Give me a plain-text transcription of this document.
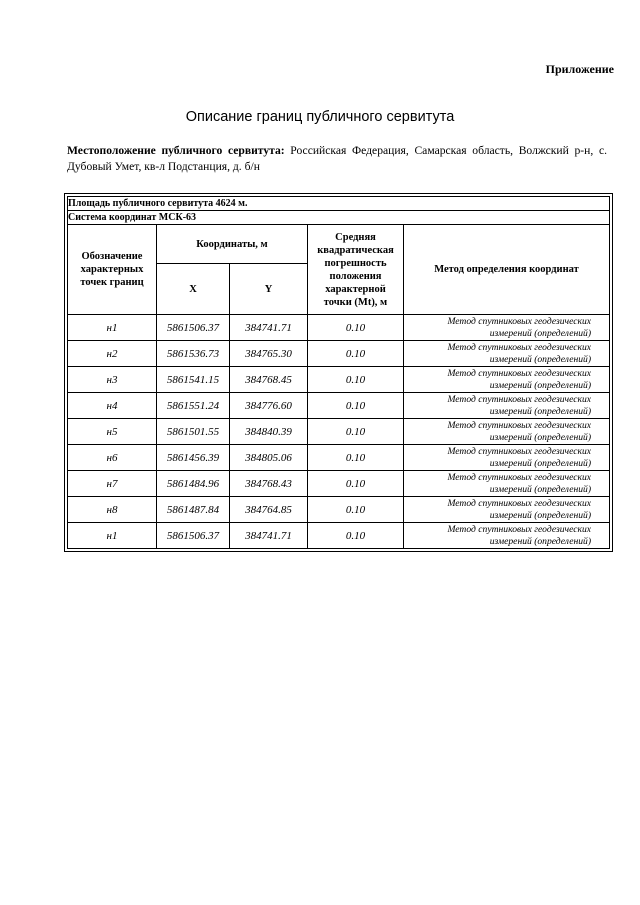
Приложение
Описание границ публичного сервитута
Местоположение публичного сервитута: Российская Федерация, Самарская область, Волжский р-н, с. Дубовый Умет, кв-л Подстанция, д. б/н
Площадь публичного сервитута 4624 м.				
Система координат МСК-63				
Обозначение характерных точек границ	Координаты, м		Средняя квадратическая погрешность положения характерной точки (Мt), м	Метод определения координат
	X	Y		
н1	5861506.37	384741.71	0.10	Метод спутниковых геодезических
измерений (определений)

н2	5861536.73	384765.30	0.10	Метод спутниковых геодезических
измерений (определений)

н3	5861541.15	384768.45	0.10	Метод спутниковых геодезических
измерений (определений)

н4	5861551.24	384776.60	0.10	Метод спутниковых геодезических
измерений (определений)

н5	5861501.55	384840.39	0.10	Метод спутниковых геодезических
измерений (определений)

н6	5861456.39	384805.06	0.10	Метод спутниковых геодезических
измерений (определений)

н7	5861484.96	384768.43	0.10	Метод спутниковых геодезических
измерений (определений)

н8	5861487.84	384764.85	0.10	Метод спутниковых геодезических
измерений (определений)

н1	5861506.37	384741.71	0.10	Метод спутниковых геодезических
измерений (определений)
